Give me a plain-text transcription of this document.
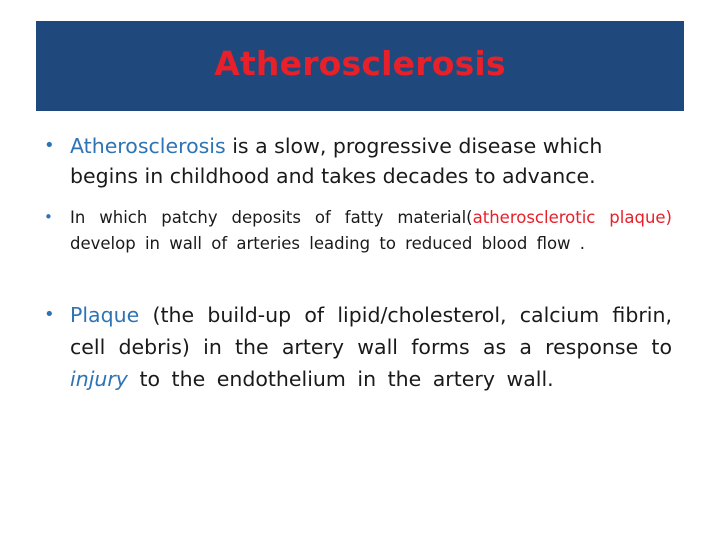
Atherosclerosis
• Atherosclerosis is a slow, progressive disease which begins in childhood and takes decades to advance.
• In which patchy deposits of fatty material(atherosclerotic plaque) develop in wall of arteries leading to reduced blood flow .
• Plaque (the build-up of lipid/cholesterol, calcium fibrin, cell debris) in the artery wall forms as a response to injury to the endothelium in the artery wall.
